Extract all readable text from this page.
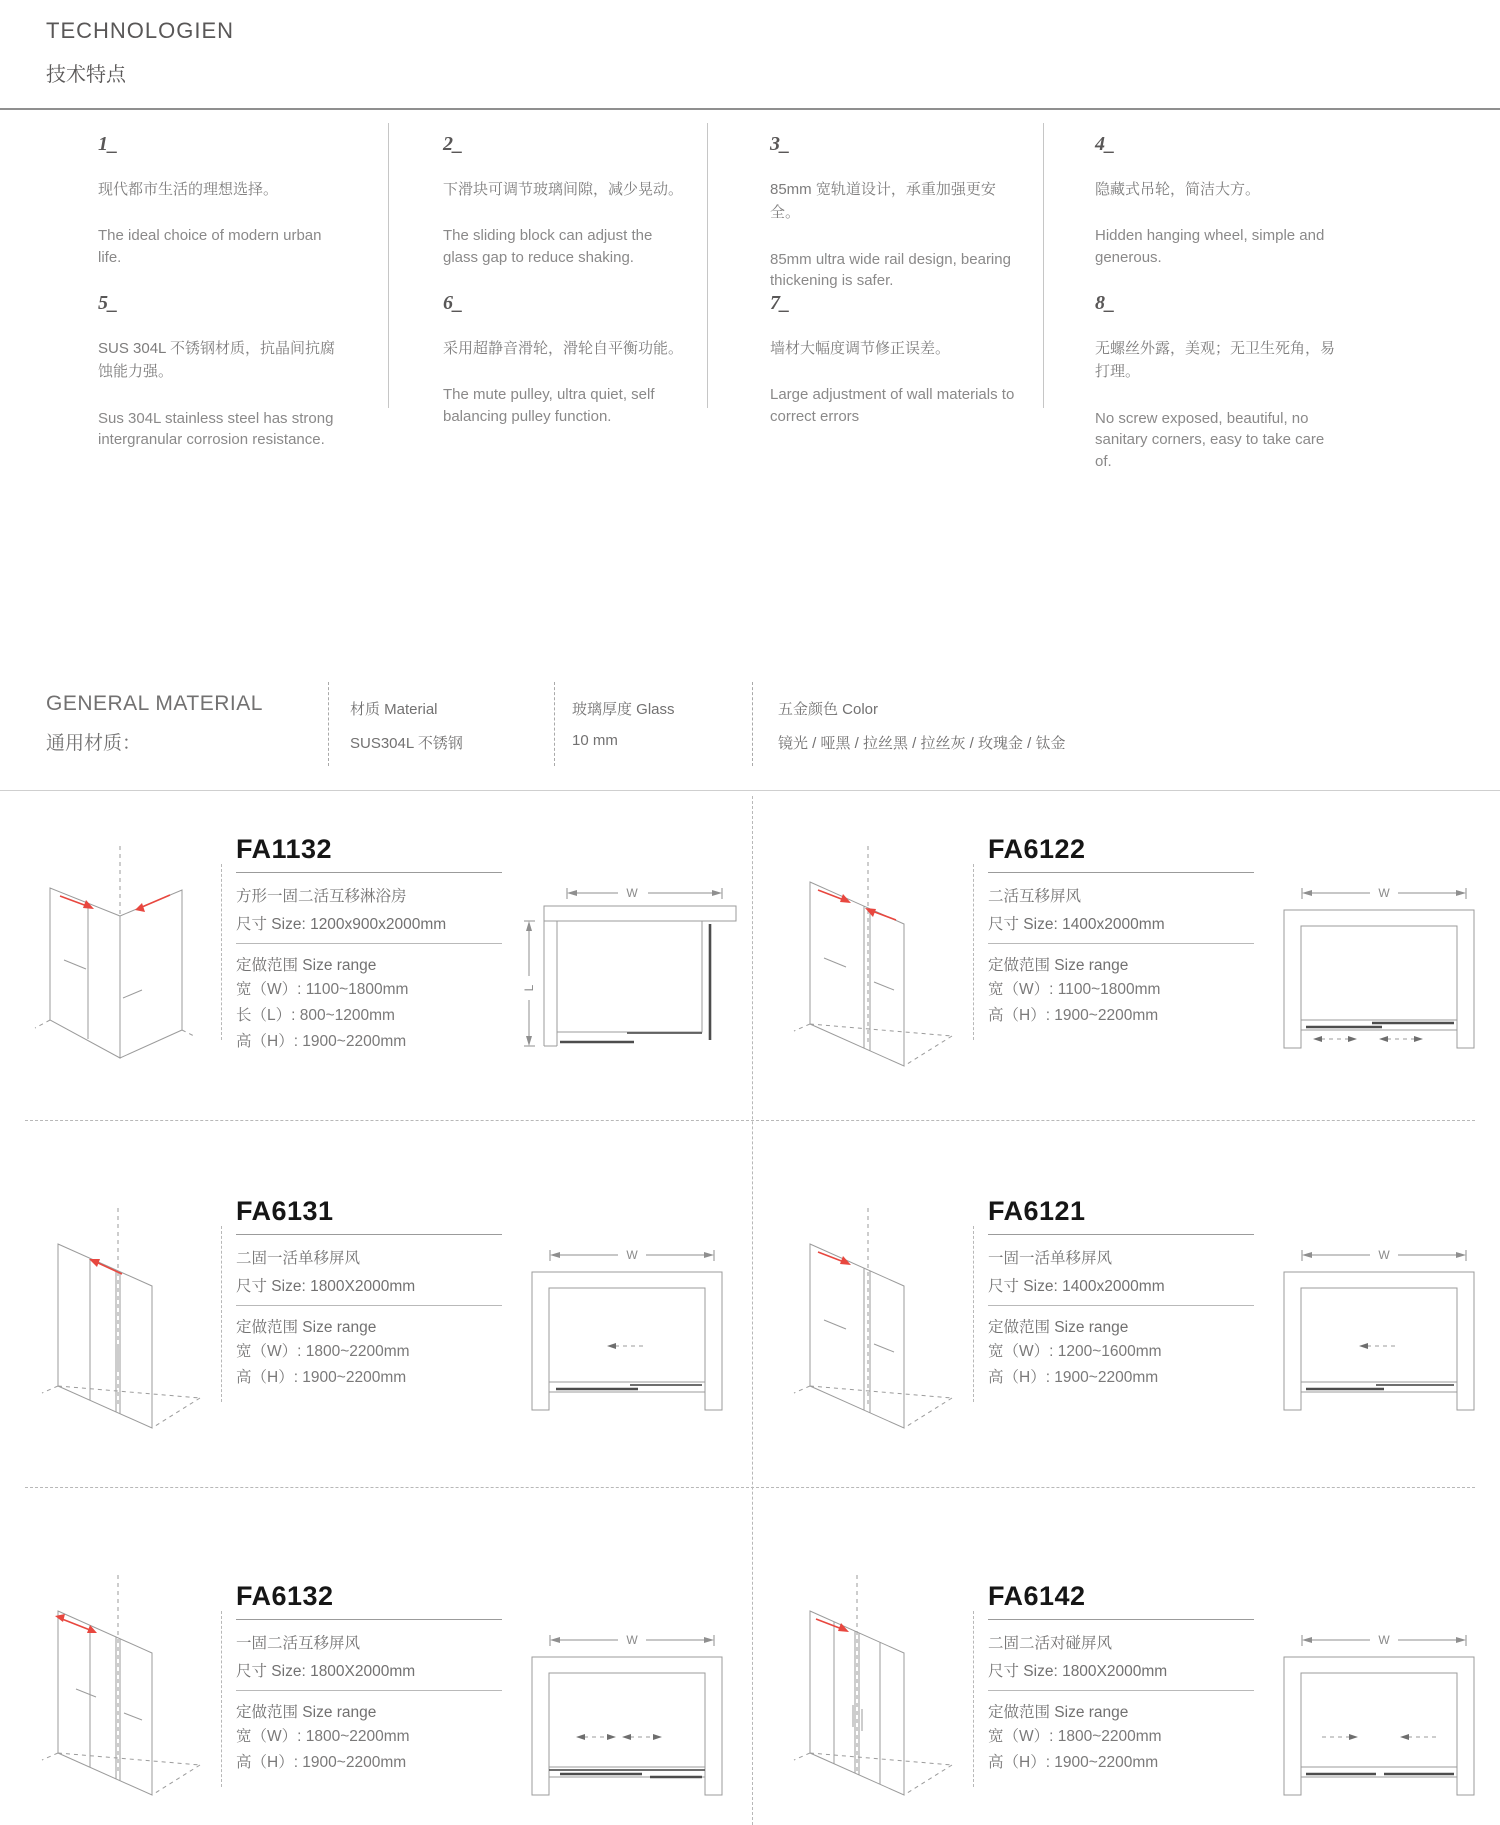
TECHNOLOGIEN
技术特点
1_
现代都市生活的理想选择。
The ideal choice of modern urban life.
2_
下滑块可调节玻璃间隙，减少晃动。
The sliding block can adjust the glass gap to reduce shaking.
3_
85mm 宽轨道设计，承重加强更安全。
85mm ultra wide rail design, bearing thickening is safer.
4_
隐藏式吊轮，简洁大方。
Hidden hanging wheel, simple and generous.
5_
SUS 304L 不锈钢材质，抗晶间抗腐蚀能力强。
Sus 304L stainless steel has strong intergranular corrosion resistance.
6_
采用超静音滑轮，滑轮自平衡功能。
The mute pulley, ultra quiet, self balancing pulley function.
7_
墙材大幅度调节修正误差。
Large adjustment of wall materials to correct errors
8_
无螺丝外露，美观；无卫生死角，易打理。
No screw exposed, beautiful, no sanitary corners, easy to take care of.
GENERAL MATERIAL
通用材质：
材质 Material
SUS304L 不锈钢
玻璃厚度 Glass
10 mm
五金颜色 Color
镜光 / 哑黑 / 拉丝黑 / 拉丝灰 / 玫瑰金 / 钛金
FA1132
方形一固二活互移淋浴房
尺寸 Size: 1200x900x2000mm
定做范围 Size range
宽（W）: 1100~1800mm
长（L）: 800~1200mm
高（H）: 1900~2200mm
W
L
FA6122
二活互移屏风
尺寸 Size: 1400x2000mm
定做范围 Size range
宽（W）: 1100~1800mm
高（H）: 1900~2200mm
W
FA6131
二固一活单移屏风
尺寸 Size: 1800X2000mm
定做范围 Size range
宽（W）: 1800~2200mm
高（H）: 1900~2200mm
W
FA6121
一固一活单移屏风
尺寸 Size: 1400x2000mm
定做范围 Size range
宽（W）: 1200~1600mm
高（H）: 1900~2200mm
W
FA6132
一固二活互移屏风
尺寸 Size: 1800X2000mm
定做范围 Size range
宽（W）: 1800~2200mm
高（H）: 1900~2200mm
W
FA6142
二固二活对碰屏风
尺寸 Size: 1800X2000mm
定做范围 Size range
宽（W）: 1800~2200mm
高（H）: 1900~2200mm
W
